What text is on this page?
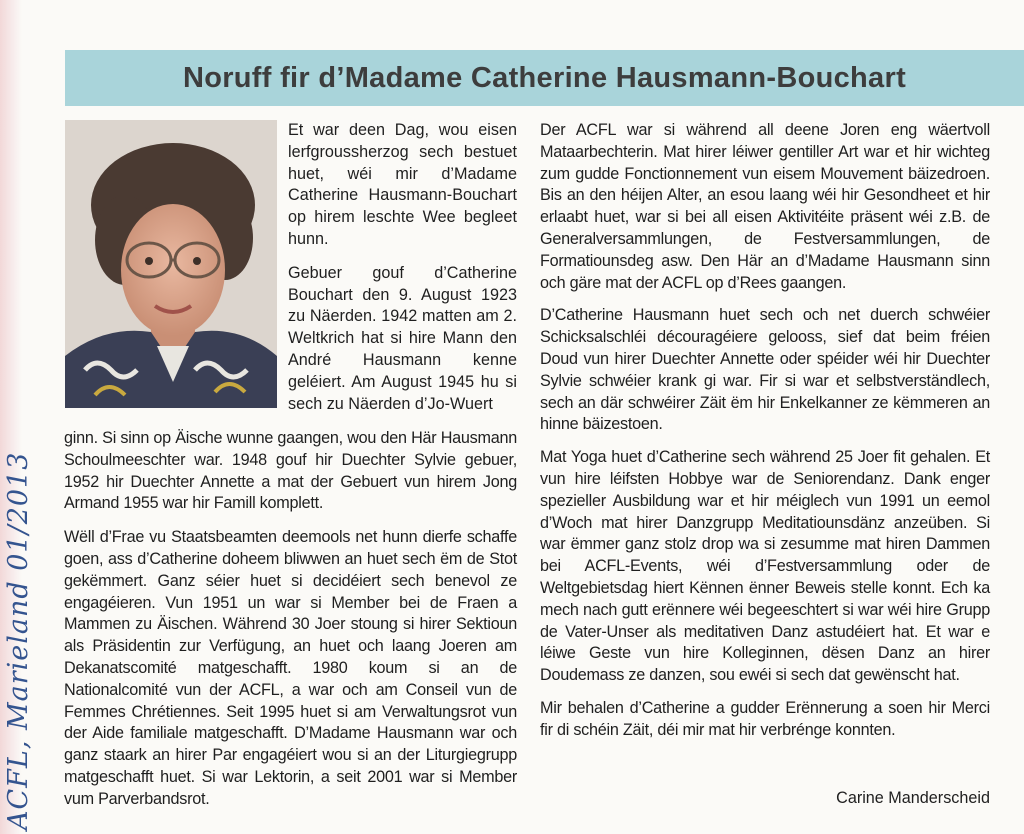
ACFL, Marieland 01/2013
Noruff fir d’Madame Catherine Hausmann-Bouchart

Et war deen Dag, wou eisen lerfgroussherzog sech bestuet huet, wéi mir d’Madame Catherine Hausmann-Bouchart op hirem leschte Wee begleet hunn.

Gebuer gouf d’Catherine Bouchart den 9. August 1923 zu Näerden. 1942 matten am 2. Weltkrich hat si hire Mann den André Hausmann kenne geléiert. Am August 1945 hu si sech zu Näerden d’Jo-Wuert

ginn. Si sinn op Äische wunne gaangen, wou den Här Hausmann Schoulmeeschter war. 1948 gouf hir Duechter Sylvie gebuer, 1952 hir Duechter Annette a mat der Gebuert vun hirem Jong Armand 1955 war hir Famill komplett.

Wëll d’Frae vu Staatsbeamten deemools net hunn dierfe schaffe goen, ass d’Catherine doheem bliwwen an huet sech ëm de Stot gekëmmert. Ganz séier huet si decidéiert sech benevol ze engagéieren. Vun 1951 un war si Member bei de Fraen a Mammen zu Äischen. Während 30 Joer stoung si hirer Sektioun als Präsidentin zur Verfügung, an huet och laang Joeren am Dekanatscomité matgeschafft. 1980 koum si an de Nationalcomité vun der ACFL, a war och am Conseil vun de Femmes Chrétiennes. Seit 1995 huet si am Verwaltungsrot vun der Aide familiale matgeschafft. D’Madame Hausmann war och ganz staark an hirer Par engagéiert wou si an der Liturgiegrupp matgeschafft huet. Si war Lektorin, a seit 2001 war si Member vum Parverbandsrot.

Der ACFL war si während all deene Joren eng wäertvoll Mataarbechterin. Mat hirer léiwer gentiller Art war et hir wichteg zum gudde Fonctionnement vun eisem Mouvement bäizedroen. Bis an den héijen Alter, an esou laang wéi hir Gesondheet et hir erlaabt huet, war si bei all eisen Aktivitéite präsent wéi z.B. de Generalversammlungen, de Festversammlungen, de Formatiounsdeg asw. Den Här an d’Madame Hausmann sinn och gäre mat der ACFL op d’Rees gaangen.

D’Catherine Hausmann huet sech och net duerch schwéier Schicksalschléi découragéiere gelooss, sief dat beim fréien Doud vun hirer Duechter Annette oder spéider wéi hir Duechter Sylvie schwéier krank gi war. Fir si war et selbstverständlech, sech an där schwéirer Zäit ëm hir Enkelkanner ze këmmeren an hinne bäizestoen.

Mat Yoga huet d’Catherine sech während 25 Joer fit gehalen. Et vun hire léifsten Hobbye war de Seniorendanz. Dank enger spezieller Ausbildung war et hir méiglech vun 1991 un eemol d’Woch mat hirer Danzgrupp Meditatiounsdänz anzeüben. Si war ëmmer ganz stolz drop wa si zesumme mat hiren Dammen bei ACFL-Events, wéi d’Festversammlung oder de Weltgebietsdag hiert Kënnen ënner Beweis stelle konnt. Ech ka mech nach gutt erënnere wéi begeeschtert si war wéi hire Grupp de Vater-Unser als meditativen Danz astudéiert hat. Et war e léiwe Geste vun hire Kolleginnen, dësen Danz an hirer Doudemass ze danzen, sou ewéi si sech dat gewënscht hat.

Mir behalen d’Catherine a gudder Erënnerung a soen hir Merci fir di schéin Zäit, déi mir mat hir verbrénge konnten.

Carine Manderscheid
